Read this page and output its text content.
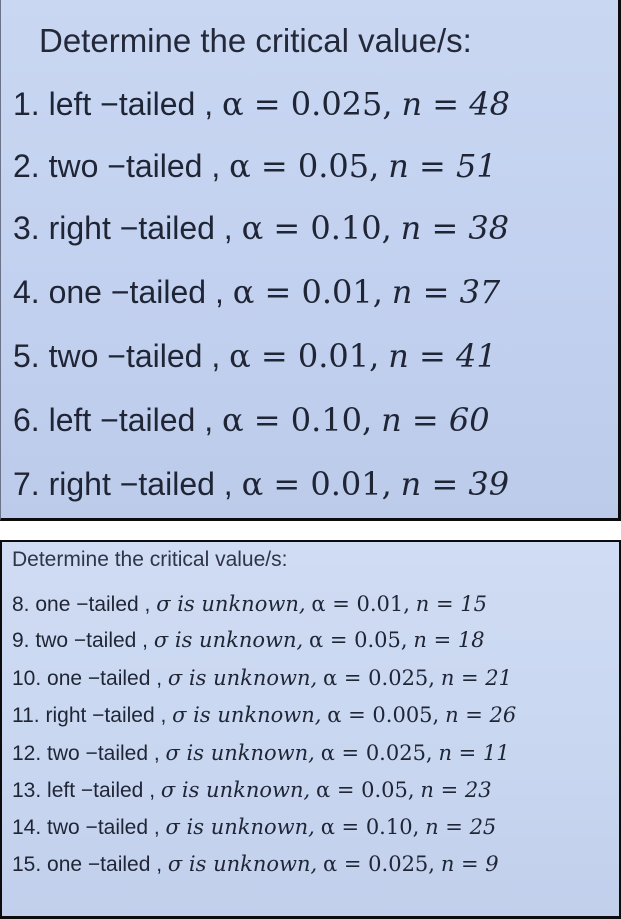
Determine the critical value/s:
1. left −tailed , α = 0.025, n = 48
2. two −tailed , α = 0.05, n = 51
3. right −tailed , α = 0.10, n = 38
4. one −tailed , α = 0.01, n = 37
5. two −tailed , α = 0.01, n = 41
6. left −tailed , α = 0.10, n = 60
7. right −tailed , α = 0.01, n = 39
Determine the critical value/s:
8. one −tailed , σ is unknown, α = 0.01, n = 15
9. two −tailed , σ is unknown, α = 0.05, n = 18
10. one −tailed , σ is unknown, α = 0.025, n = 21
11. right −tailed , σ is unknown, α = 0.005, n = 26
12. two −tailed , σ is unknown, α = 0.025, n = 11
13. left −tailed , σ is unknown, α = 0.05, n = 23
14. two −tailed , σ is unknown, α = 0.10, n = 25
15. one −tailed , σ is unknown, α = 0.025, n = 9
